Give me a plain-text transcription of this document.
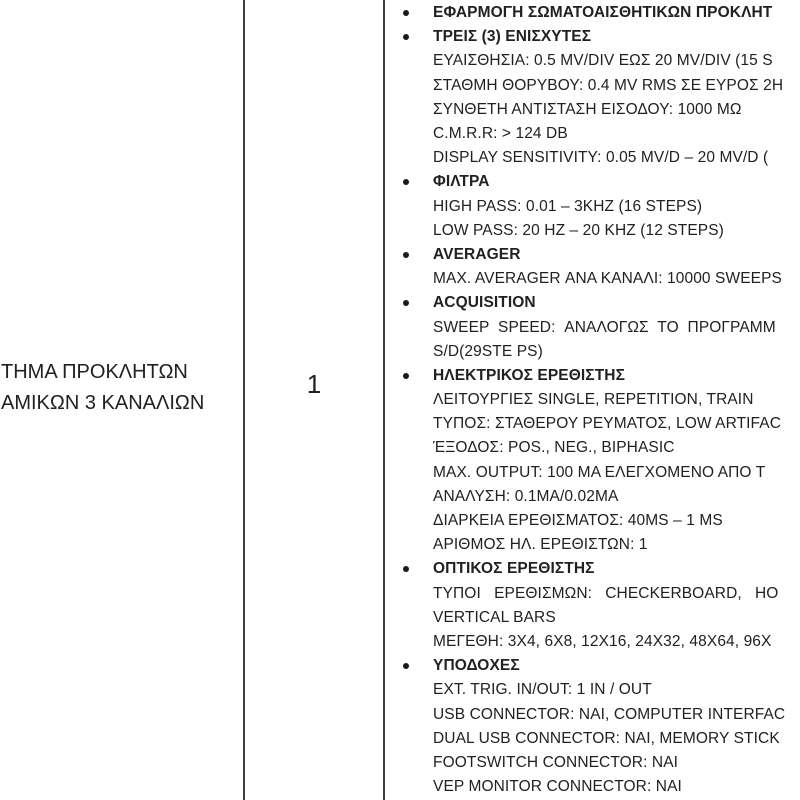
ΤΗΜΑ ΠΡΟΚΛΗΤΩΝ
ΑΜΙΚΩΝ 3 ΚΑΝΑΛΙΩΝ
1
ΕΦΑΡΜΟΓΗ ΣΩΜΑΤΟΑΙΣΘΗΤΙΚΩΝ ΠΡΟΚΛΗΤ
ΤΡΕΙΣ (3) ΕΝΙΣΧΥΤΕΣ
ΕΥΑΙΣΘΗΣΙΑ: 0.5 MV/DIV ΕΩΣ 20 MV/DIV (15 S
ΣΤΑΘΜΗ ΘΟΡΥΒΟΥ: 0.4 MV RMS ΣΕ ΕΥΡΟΣ 2H
ΣΥΝΘΕΤΗ ΑΝΤΙΣΤΑΣΗ ΕΙΣΟΔΟΥ: 1000 ΜΩ
C.M.R.R: > 124 DB
DISPLAY SENSITIVITY: 0.05 MV/D – 20 MV/D (
ΦΙΛΤΡΑ
HIGH PASS: 0.01 – 3KHZ (16 STEPS)
LOW PASS: 20 HZ – 20 KHZ (12 STEPS)
AVERAGER
MAX. AVERAGER ΑΝΑ ΚΑΝΑΛΙ: 10000 SWEEPS
ACQUISITION
SWEEP  SPEED:  ΑΝΑΛΟΓΩΣ  ΤΟ  ΠΡΟΓΡΑΜΜ
S/D(29STE PS)
ΗΛΕΚΤΡΙΚΟΣ ΕΡΕΘΙΣΤΗΣ
ΛΕΙΤΟΥΡΓΙΕΣ SINGLE, REPETITION, TRAIN
ΤΥΠΟΣ: ΣΤΑΘΕΡΟΥ ΡΕΥΜΑΤΟΣ, LOW ARTIFAC
ΈΞΟΔΟΣ: POS., NEG., BIPHASIC
MAX. OUTPUT: 100 MA ΕΛΕΓΧΟΜΕΝΟ ΑΠΟ Τ
ΑΝΑΛΥΣΗ: 0.1MA/0.02MA
ΔΙΑΡΚΕΙΑ ΕΡΕΘΙΣΜΑΤΟΣ: 40MS – 1 MS
ΑΡΙΘΜΟΣ ΗΛ. ΕΡΕΘΙΣΤΩΝ: 1
ΟΠΤΙΚΟΣ ΕΡΕΘΙΣΤΗΣ
ΤΥΠΟΙ   ΕΡΕΘΙΣΜΩΝ:   CHECKERBOARD,   HO
VERTICAL BARS
ΜΕΓΕΘΗ: 3X4, 6X8, 12X16, 24X32, 48X64, 96X
ΥΠΟΔΟΧΕΣ
EXT. TRIG. IN/OUT: 1 IN / OUT
USB CONNECTOR: ΝΑΙ, COMPUTER INTERFAC
DUAL USB CONNECTOR: ΝΑΙ, MEMORY STICK
FOOTSWITCH CONNECTOR: ΝΑΙ
VEP MONITOR CONNECTOR: ΝΑΙ
